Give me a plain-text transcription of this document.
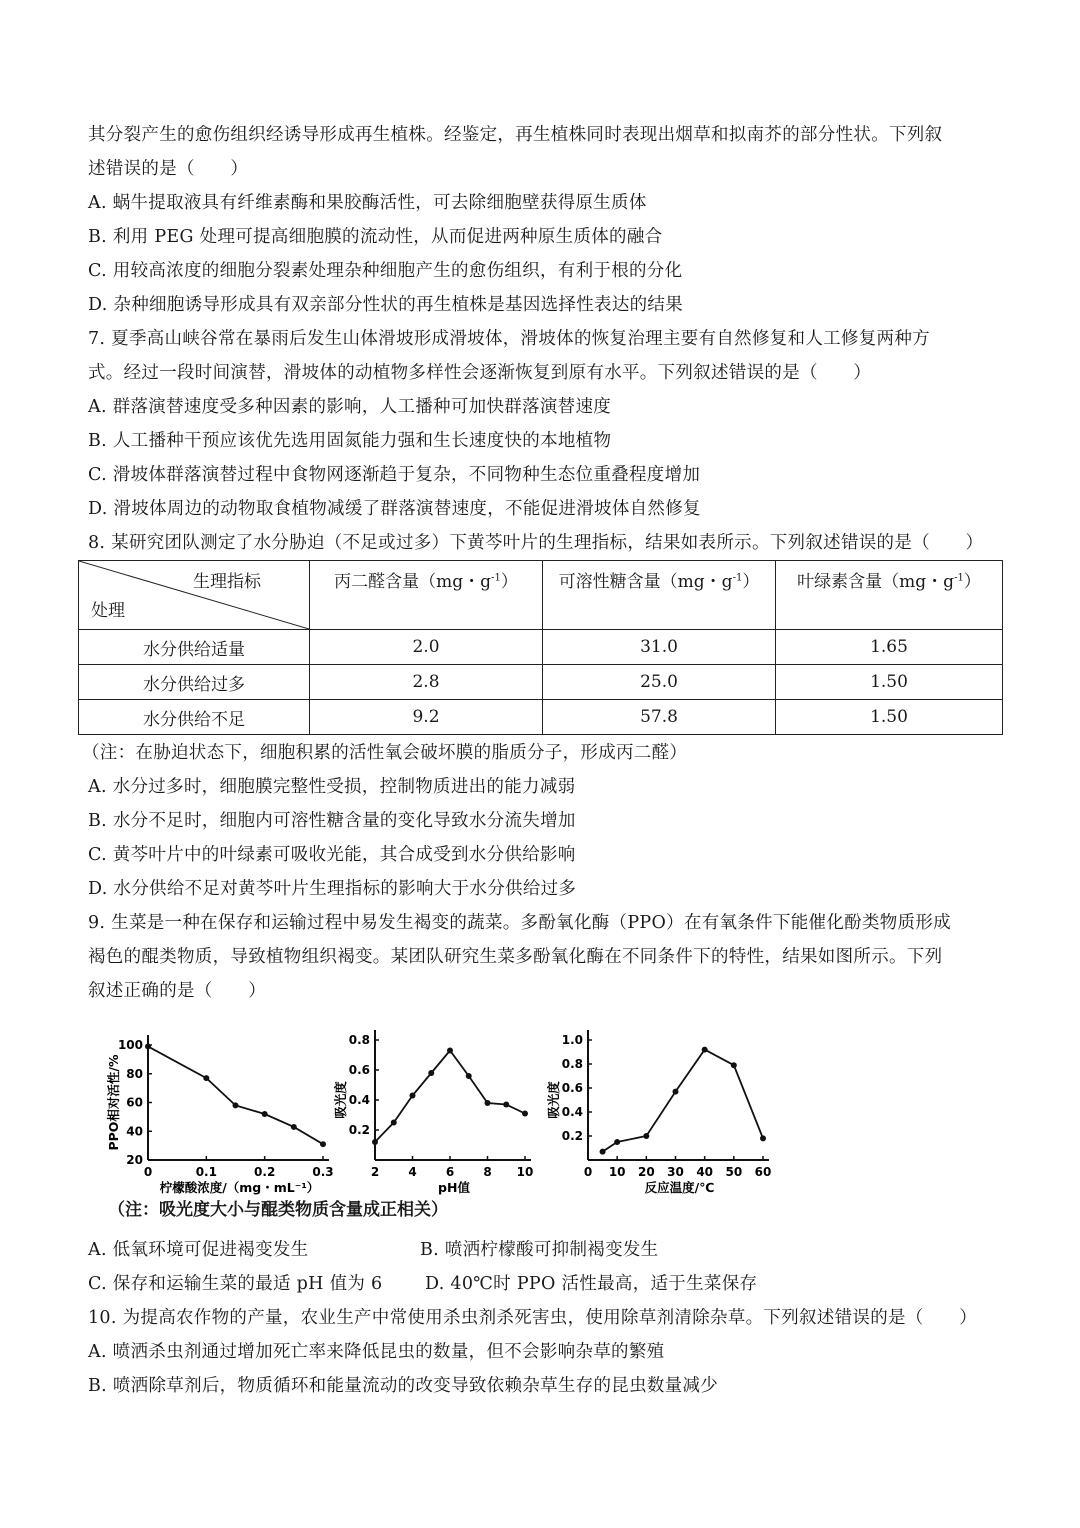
其分裂产生的愈伤组织经诱导形成再生植株。经鉴定，再生植株同时表现出烟草和拟南芥的部分性状。下列叙
述错误的是（　　）
A. 蜗牛提取液具有纤维素酶和果胶酶活性，可去除细胞壁获得原生质体
B. 利用 PEG 处理可提高细胞膜的流动性，从而促进两种原生质体的融合
C. 用较高浓度的细胞分裂素处理杂种细胞产生的愈伤组织，有利于根的分化
D. 杂种细胞诱导形成具有双亲部分性状的再生植株是基因选择性表达的结果
7. 夏季高山峡谷常在暴雨后发生山体滑坡形成滑坡体，滑坡体的恢复治理主要有自然修复和人工修复两种方
式。经过一段时间演替，滑坡体的动植物多样性会逐渐恢复到原有水平。下列叙述错误的是（　　）
A. 群落演替速度受多种因素的影响，人工播种可加快群落演替速度
B. 人工播种干预应该优先选用固氮能力强和生长速度快的本地植物
C. 滑坡体群落演替过程中食物网逐渐趋于复杂，不同物种生态位重叠程度增加
D. 滑坡体周边的动物取食植物减缓了群落演替速度，不能促进滑坡体自然修复
8. 某研究团队测定了水分胁迫（不足或过多）下黄芩叶片的生理指标，结果如表所示。下列叙述错误的是（　　）
生理指标
处理	丙二醛含量（mg・$g^{-1}$）	可溶性糖含量（mg・$g^{-1}$）	叶绿素含量（mg・$g^{-1}$）
水分供给适量	2.0	31.0	1.65
水分供给过多	2.8	25.0	1.50
水分供给不足	9.2	57.8	1.50
（注：在胁迫状态下，细胞积累的活性氧会破坏膜的脂质分子，形成丙二醛）
A. 水分过多时，细胞膜完整性受损，控制物质进出的能力减弱
B. 水分不足时，细胞内可溶性糖含量的变化导致水分流失增加
C. 黄芩叶片中的叶绿素可吸收光能，其合成受到水分供给影响
D. 水分供给不足对黄芩叶片生理指标的影响大于水分供给过多
9. 生菜是一种在保存和运输过程中易发生褐变的蔬菜。多酚氧化酶（PPO）在有氧条件下能催化酚类物质形成
褐色的醌类物质，导致植物组织褐变。某团队研究生菜多酚氧化酶在不同条件下的特性，结果如图所示。下列
叙述正确的是（　　）
0	0.1	0.2	0.3
20
40
60
80
100
柠檬酸浓度/（mg・mL⁻¹）
PPO相对活性/%
2 4 6 8 10
0.2
0.4
0.6
0.8
pH值
吸光度
0 10 20 30 40 50 60
0.2
0.4
0.6
0.8
1.0
反应温度/℃
吸光度
（注：吸光度大小与醌类物质含量成正相关）
A. 低氧环境可促进褐变发生	B. 喷洒柠檬酸可抑制褐变发生
C. 保存和运输生菜的最适 pH 值为 6	D. 40℃时 PPO 活性最高，适于生菜保存
10. 为提高农作物的产量，农业生产中常使用杀虫剂杀死害虫，使用除草剂清除杂草。下列叙述错误的是（　　）
A. 喷洒杀虫剂通过增加死亡率来降低昆虫的数量，但不会影响杂草的繁殖
B. 喷洒除草剂后，物质循环和能量流动的改变导致依赖杂草生存的昆虫数量减少
